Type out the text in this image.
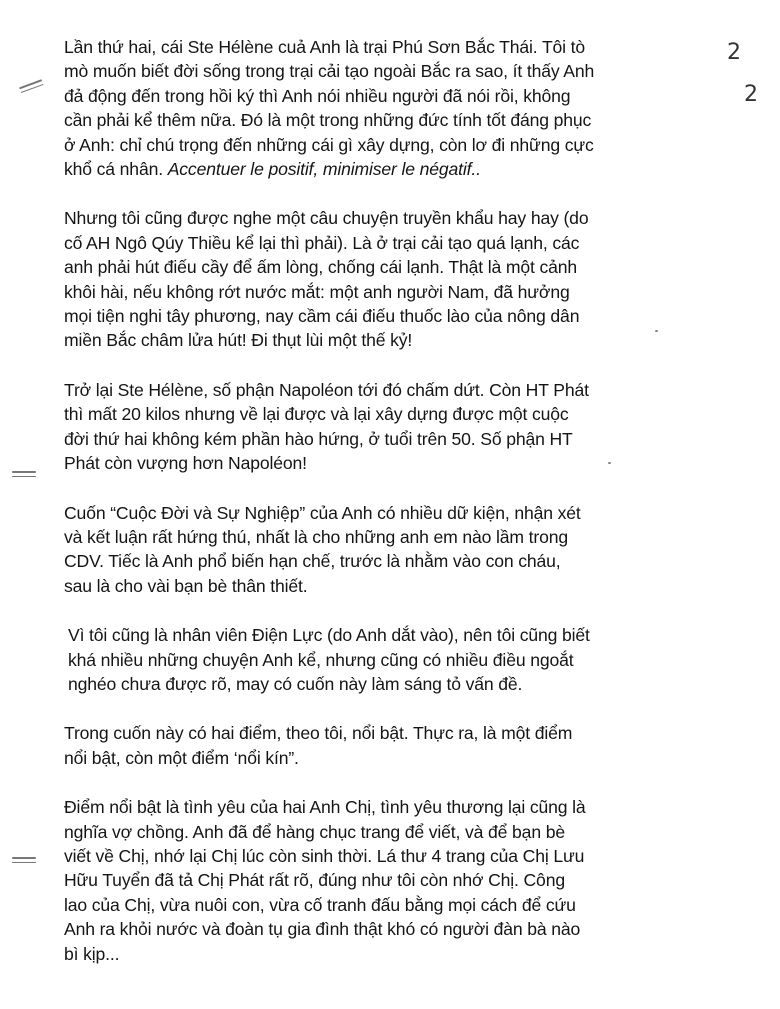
2
2

Lần thứ hai, cái Ste Hélène cuả Anh là trại Phú Sơn Bắc Thái. Tôi tò
mò muốn biết đời sống trong trại cải tạo ngoài Bắc ra sao, ít thấy Anh
đả động đến trong hồi ký thì Anh nói nhiều người đã nói rồi, không
cần phải kể thêm nữa. Đó là một trong những đức tính tốt đáng phục
ở Anh: chỉ chú trọng đến những cái gì xây dựng, còn lơ đi những cực
khổ cá nhân. Accentuer le positif, minimiser le négatif..

Nhưng tôi cũng được nghe một câu chuyện truyền khẩu hay hay (do
cố AH Ngô Qúy Thiều kể lại thì phải). Là ở trại cải tạo quá lạnh, các
anh phải hút điếu cầy để ấm lòng, chống cái lạnh. Thật là một cảnh
khôi hài, nếu không rớt nước mắt: một anh người Nam, đã hưởng
mọi tiện nghi tây phương, nay cầm cái điếu thuốc lào của nông dân
miền Bắc châm lửa hút! Đi thụt lùi một thế kỷ!

Trở lại Ste Hélène, số phận Napoléon tới đó chấm dứt. Còn HT Phát
thì mất 20 kilos nhưng về lại được và lại xây dựng được một cuộc
đời thứ hai không kém phần hào hứng, ở tuổi trên 50. Số phận HT
Phát còn vượng hơn Napoléon!

Cuốn “Cuộc Đời và Sự Nghiệp” của Anh có nhiều dữ kiện, nhận xét
và kết luận rất hứng thú, nhất là cho những anh em nào lầm trong
CDV. Tiếc là Anh phổ biến hạn chế, trước là nhằm vào con cháu,
sau là cho vài bạn bè thân thiết.

Vì tôi cũng là nhân viên Điện Lực (do Anh dắt vào), nên tôi cũng biết
khá nhiều những chuyện Anh kể, nhưng cũng có nhiều điều ngoắt
nghéo chưa được rõ, may có cuốn này làm sáng tỏ vấn đề.

Trong cuốn này có hai điểm, theo tôi, nổi bật. Thực ra, là một điểm
nổi bật, còn một điểm ‘nổi kín”.

Điểm nổi bật là tình yêu của hai Anh Chị, tình yêu thương lại cũng là
nghĩa vợ chồng. Anh đã để hàng chục trang để viết, và để bạn bè
viết về Chị, nhớ lại Chị lúc còn sinh thời. Lá thư 4 trang của Chị Lưu
Hữu Tuyển đã tả Chị Phát rất rõ, đúng như tôi còn nhớ Chị. Công
lao của Chị, vừa nuôi con, vừa cố tranh đấu bằng mọi cách để cứu
Anh ra khỏi nước và đoàn tụ gia đình thật khó có người đàn bà nào
bì kịp...
